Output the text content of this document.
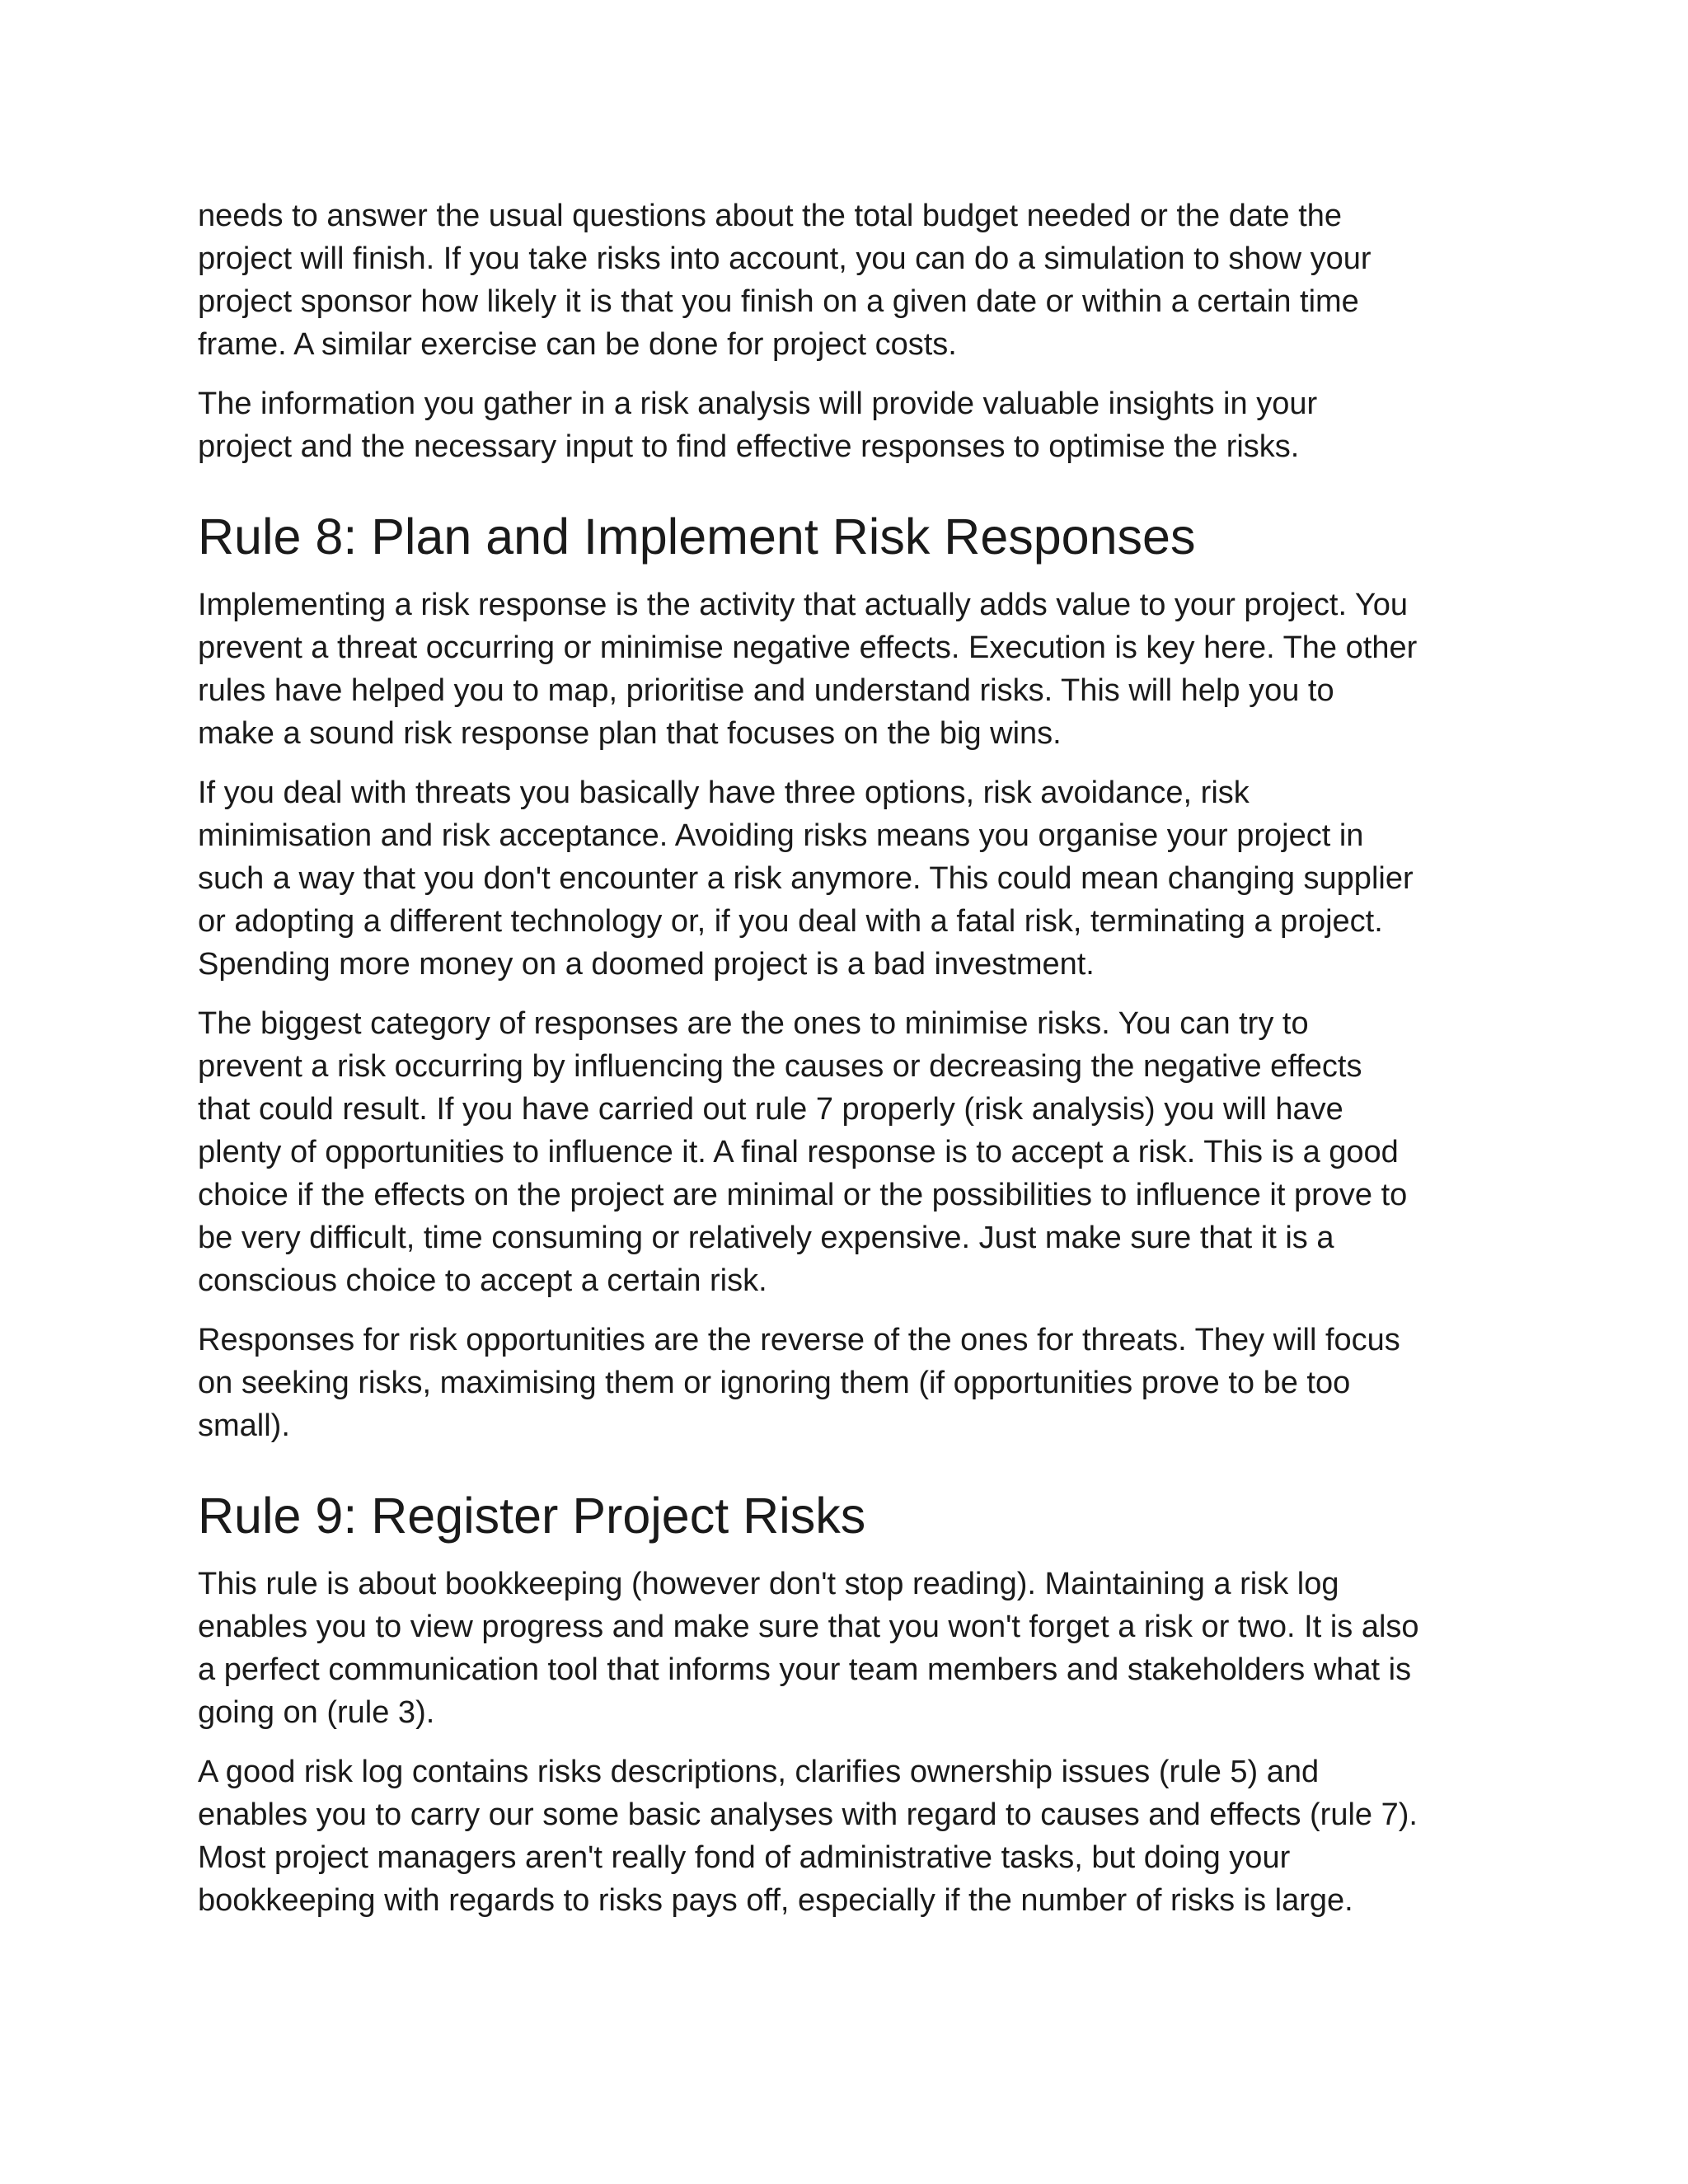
needs to answer the usual questions about the total budget needed or the date the
project will finish. If you take risks into account, you can do a simulation to show your
project sponsor how likely it is that you finish on a given date or within a certain time
frame. A similar exercise can be done for project costs.

The information you gather in a risk analysis will provide valuable insights in your
project and the necessary input to find effective responses to optimise the risks.

Rule 8: Plan and Implement Risk Responses

Implementing a risk response is the activity that actually adds value to your project. You
prevent a threat occurring or minimise negative effects. Execution is key here. The other
rules have helped you to map, prioritise and understand risks. This will help you to
make a sound risk response plan that focuses on the big wins.

If you deal with threats you basically have three options, risk avoidance, risk
minimisation and risk acceptance. Avoiding risks means you organise your project in
such a way that you don't encounter a risk anymore. This could mean changing supplier
or adopting a different technology or, if you deal with a fatal risk, terminating a project.
Spending more money on a doomed project is a bad investment.

The biggest category of responses are the ones to minimise risks. You can try to
prevent a risk occurring by influencing the causes or decreasing the negative effects
that could result. If you have carried out rule 7 properly (risk analysis) you will have
plenty of opportunities to influence it. A final response is to accept a risk. This is a good
choice if the effects on the project are minimal or the possibilities to influence it prove to
be very difficult, time consuming or relatively expensive. Just make sure that it is a
conscious choice to accept a certain risk.

Responses for risk opportunities are the reverse of the ones for threats. They will focus
on seeking risks, maximising them or ignoring them (if opportunities prove to be too
small).

Rule 9: Register Project Risks

This rule is about bookkeeping (however don't stop reading). Maintaining a risk log
enables you to view progress and make sure that you won't forget a risk or two. It is also
a perfect communication tool that informs your team members and stakeholders what is
going on (rule 3).

A good risk log contains risks descriptions, clarifies ownership issues (rule 5) and
enables you to carry our some basic analyses with regard to causes and effects (rule 7).
Most project managers aren't really fond of administrative tasks, but doing your
bookkeeping with regards to risks pays off, especially if the number of risks is large.
